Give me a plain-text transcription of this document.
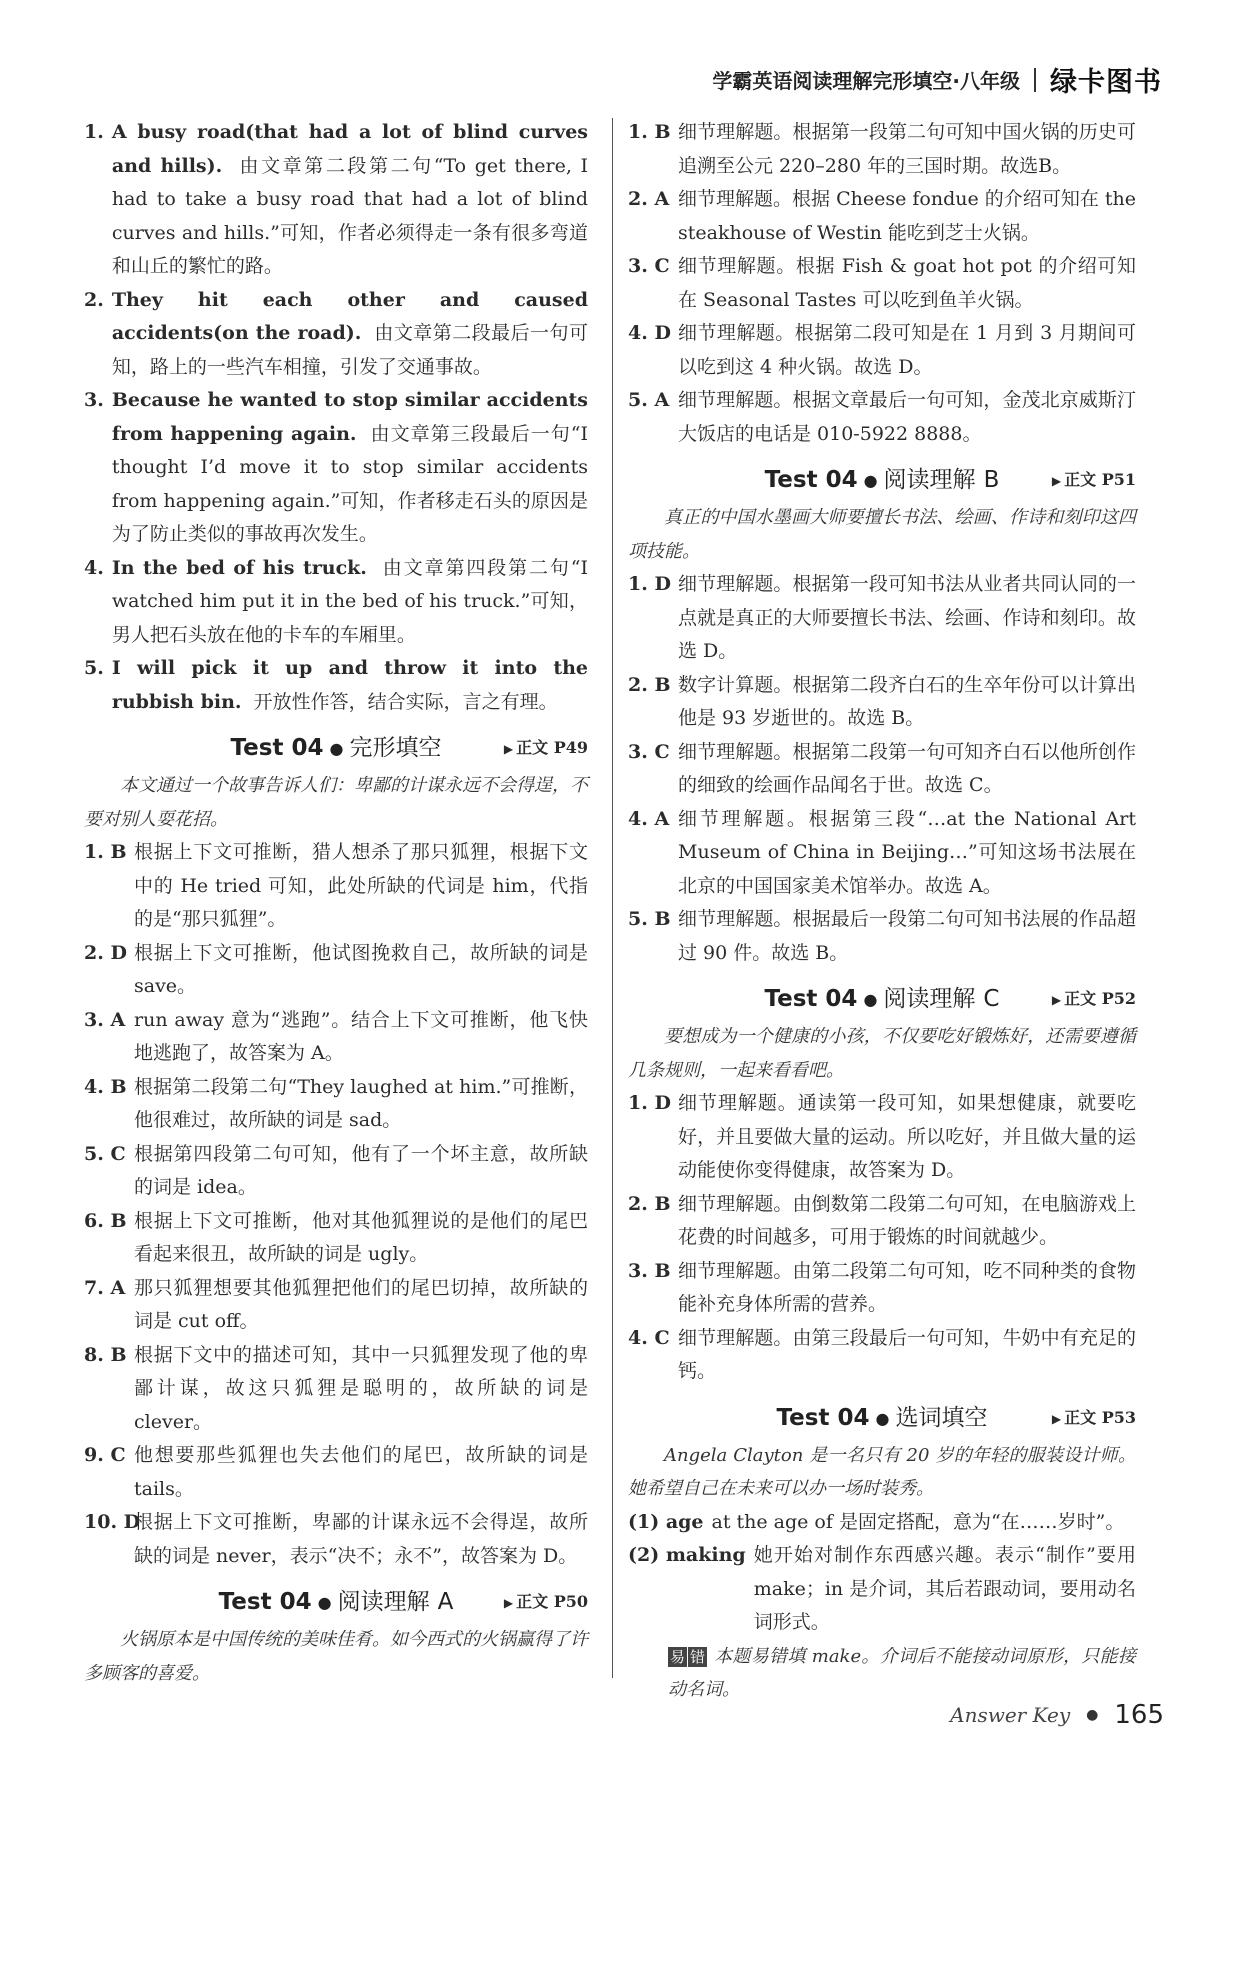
学霸英语阅读理解完形填空·八年级 绿卡图书
1. A busy road(that had a lot of blind curves and hills). 由文章第二段第二句“To get there, I had to take a busy road that had a lot of blind curves and hills.”可知，作者必须得走一条有很多弯道和山丘的繁忙的路。
2. They hit each other and caused accidents(on the road). 由文章第二段最后一句可知，路上的一些汽车相撞，引发了交通事故。
3. Because he wanted to stop similar accidents from happening again. 由文章第三段最后一句“I thought I’d move it to stop similar accidents from happening again.”可知，作者移走石头的原因是为了防止类似的事故再次发生。
4. In the bed of his truck. 由文章第四段第二句“I watched him put it in the bed of his truck.”可知，男人把石头放在他的卡车的车厢里。
5. I will pick it up and throw it into the rubbish bin. 开放性作答，结合实际，言之有理。
Test 04 ● 完形填空	▶ 正文 P49
本文通过一个故事告诉人们：卑鄙的计谋永远不会得逞，不要对别人耍花招。
1. B 根据上下文可推断，猎人想杀了那只狐狸，根据下文中的 He tried 可知，此处所缺的代词是 him，代指的是“那只狐狸”。
2. D 根据上下文可推断，他试图挽救自己，故所缺的词是 save。
3. A run away 意为“逃跑”。结合上下文可推断，他飞快地逃跑了，故答案为 A。
4. B 根据第二段第二句“They laughed at him.”可推断，他很难过，故所缺的词是 sad。
5. C 根据第四段第二句可知，他有了一个坏主意，故所缺的词是 idea。
6. B 根据上下文可推断，他对其他狐狸说的是他们的尾巴看起来很丑，故所缺的词是 ugly。
7. A 那只狐狸想要其他狐狸把他们的尾巴切掉，故所缺的词是 cut off。
8. B 根据下文中的描述可知，其中一只狐狸发现了他的卑鄙计谋，故这只狐狸是聪明的，故所缺的词是 clever。
9. C 他想要那些狐狸也失去他们的尾巴，故所缺的词是 tails。
10. D
根据上下文可推断，卑鄙的计谋永远不会得逞，故所缺的词是 never，表示“决不；永不”，故答案为 D。
Test 04 ● 阅读理解 A	▶ 正文 P50
火锅原本是中国传统的美味佳肴。如今西式的火锅赢得了许多顾客的喜爱。
1. B 细节理解题。根据第一段第二句可知中国火锅的历史可追溯至公元 220–280 年的三国时期。故选B。
2. A 细节理解题。根据 Cheese fondue 的介绍可知在 the steakhouse of Westin 能吃到芝士火锅。
3. C 细节理解题。根据 Fish & goat hot pot 的介绍可知在 Seasonal Tastes 可以吃到鱼羊火锅。
4. D 细节理解题。根据第二段可知是在 1 月到 3 月期间可以吃到这 4 种火锅。故选 D。
5. A 细节理解题。根据文章最后一句可知，金茂北京威斯汀大饭店的电话是 010-5922 8888。
Test 04 ● 阅读理解 B	▶ 正文 P51
真正的中国水墨画大师要擅长书法、绘画、作诗和刻印这四项技能。
1. D 细节理解题。根据第一段可知书法从业者共同认同的一点就是真正的大师要擅长书法、绘画、作诗和刻印。故选 D。
2. B 数字计算题。根据第二段齐白石的生卒年份可以计算出他是 93 岁逝世的。故选 B。
3. C 细节理解题。根据第二段第一句可知齐白石以他所创作的细致的绘画作品闻名于世。故选 C。
4. A 细节理解题。根据第三段“…at the National Art Museum of China in Beijing…”可知这场书法展在北京的中国国家美术馆举办。故选 A。
5. B 细节理解题。根据最后一段第二句可知书法展的作品超过 90 件。故选 B。
Test 04 ● 阅读理解 C	▶ 正文 P52
要想成为一个健康的小孩，不仅要吃好锻炼好，还需要遵循几条规则，一起来看看吧。
1. D 细节理解题。通读第一段可知，如果想健康，就要吃好，并且要做大量的运动。所以吃好，并且做大量的运动能使你变得健康，故答案为 D。
2. B 细节理解题。由倒数第二段第二句可知，在电脑游戏上花费的时间越多，可用于锻炼的时间就越少。
3. B 细节理解题。由第二段第二句可知，吃不同种类的食物能补充身体所需的营养。
4. C 细节理解题。由第三段最后一句可知，牛奶中有充足的钙。
Test 04 ● 选词填空	▶ 正文 P53
Angela Clayton 是一名只有 20 岁的年轻的服装设计师。她希望自己在未来可以办一场时装秀。
(1) age at the age of 是固定搭配，意为“在……岁时”。
(2) making 她开始对制作东西感兴趣。表示“制作”要用 make；in 是介词，其后若跟动词，要用动名词形式。
易 错 本题易错填 make。介词后不能接动词原形，只能接动名词。
Answer Key ● 165
